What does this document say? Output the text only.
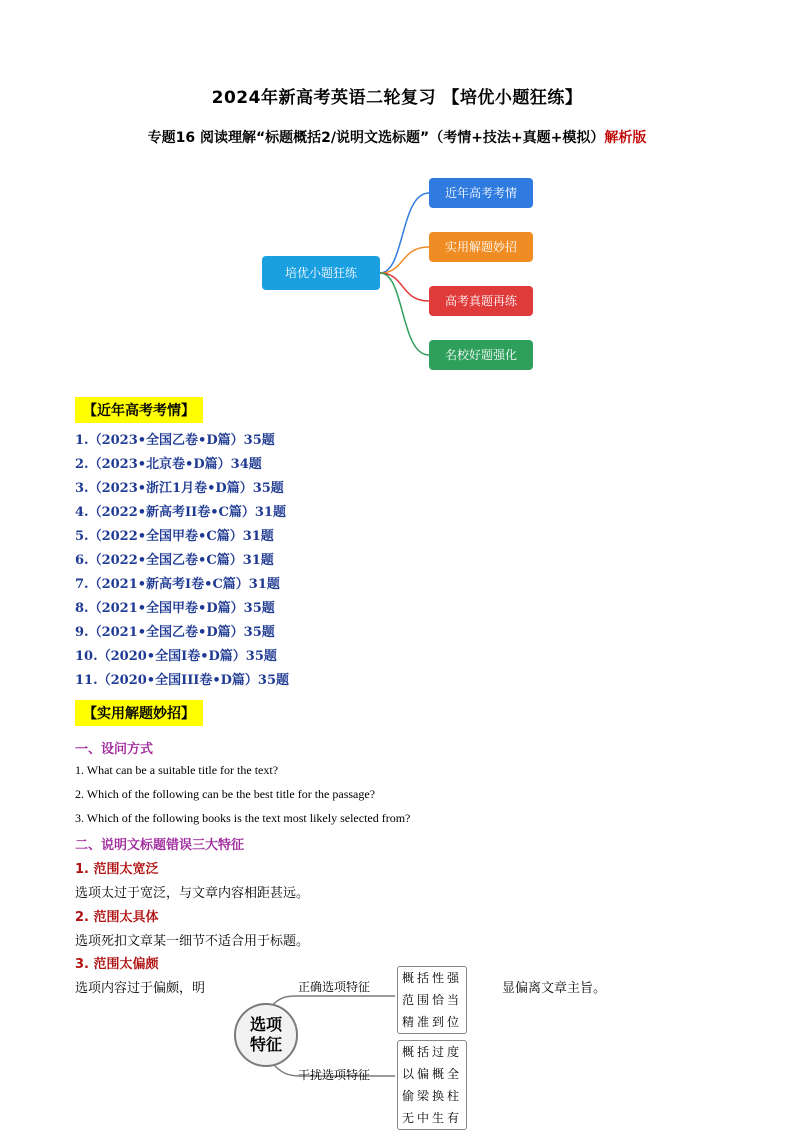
2024年新高考英语二轮复习 【培优小题狂练】
专题16 阅读理解“标题概括2/说明文选标题”（考情+技法+真题+模拟）解析版
培优小题狂练
近年高考考情
实用解题妙招
高考真题再练
名校好题强化
【近年高考考情】
1.（2023•全国乙卷•D篇）35题
2.（2023•北京卷•D篇）34题
3.（2023•浙江1月卷•D篇）35题
4.（2022•新高考II卷•C篇）31题
5.（2022•全国甲卷•C篇）31题
6.（2022•全国乙卷•C篇）31题
7.（2021•新高考I卷•C篇）31题
8.（2021•全国甲卷•D篇）35题
9.（2021•全国乙卷•D篇）35题
10.（2020•全国I卷•D篇）35题
11.（2020•全国III卷•D篇）35题
【实用解题妙招】
一、设问方式
1. What can be a suitable title for the text?
2. Which of the following can be the best title for the passage?
3. Which of the following books is the text most likely selected from?
二、说明文标题错误三大特征
1. 范围太宽泛
选项太过于宽泛，与文章内容相距甚远。
2. 范围太具体
选项死扣文章某一细节不适合用于标题。
3. 范围太偏颇
选项内容过于偏颇，明	显偏离文章主旨。
选项
特征
正确选项特征
干扰选项特征
概括性强
范围恰当
精准到位
概括过度
以偏概全
偷梁换柱
无中生有
